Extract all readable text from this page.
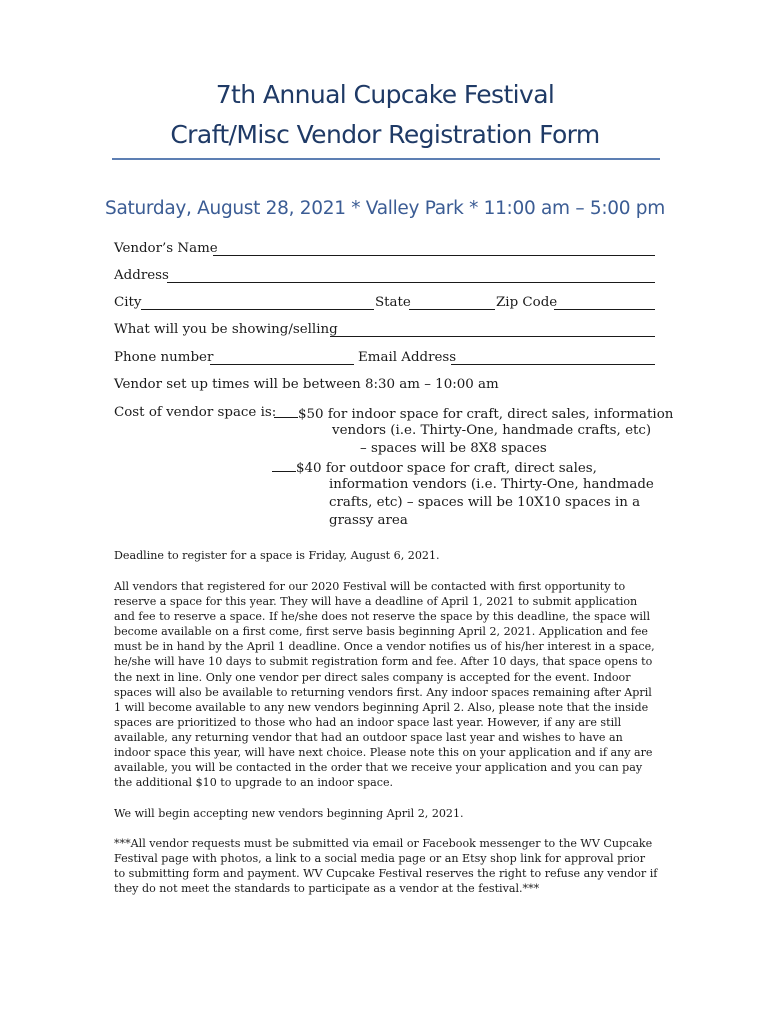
7th Annual Cupcake Festival
Craft/Misc Vendor Registration Form
Saturday, August 28, 2021 * Valley Park * 11:00 am – 5:00 pm
Vendor’s Name
Address
City	State	Zip Code
What will you be showing/selling
Phone number	Email Address
Vendor set up times will be between 8:30 am – 10:00 am
Cost of vendor space is:	$50 for indoor space for craft, direct sales, information
vendors (i.e. Thirty-One, handmade crafts, etc)
– spaces will be 8X8 spaces
$40 for outdoor space for craft, direct sales,
information vendors (i.e. Thirty-One, handmade
crafts, etc) – spaces will be 10X10 spaces in a
grassy area

Deadline to register for a space is Friday, August 6, 2021.

All vendors that registered for our 2020 Festival will be contacted with first opportunity to reserve a space for this year. They will have a deadline of April 1, 2021 to submit application and fee to reserve a space. If he/she does not reserve the space by this deadline, the space will become available on a first come, first serve basis beginning April 2, 2021. Application and fee must be in hand by the April 1 deadline. Once a vendor notifies us of his/her interest in a space, he/she will have 10 days to submit registration form and fee. After 10 days, that space opens to the next in line. Only one vendor per direct sales company is accepted for the event. Indoor spaces will also be available to returning vendors first. Any indoor spaces remaining after April 1 will become available to any new vendors beginning April 2. Also, please note that the inside spaces are prioritized to those who had an indoor space last year. However, if any are still available, any returning vendor that had an outdoor space last year and wishes to have an indoor space this year, will have next choice. Please note this on your application and if any are available, you will be contacted in the order that we receive your application and you can pay the additional $10 to upgrade to an indoor space.

We will begin accepting new vendors beginning April 2, 2021.

***All vendor requests must be submitted via email or Facebook messenger to the WV Cupcake Festival page with photos, a link to a social media page or an Etsy shop link for approval prior to submitting form and payment. WV Cupcake Festival reserves the right to refuse any vendor if they do not meet the standards to participate as a vendor at the festival.***
